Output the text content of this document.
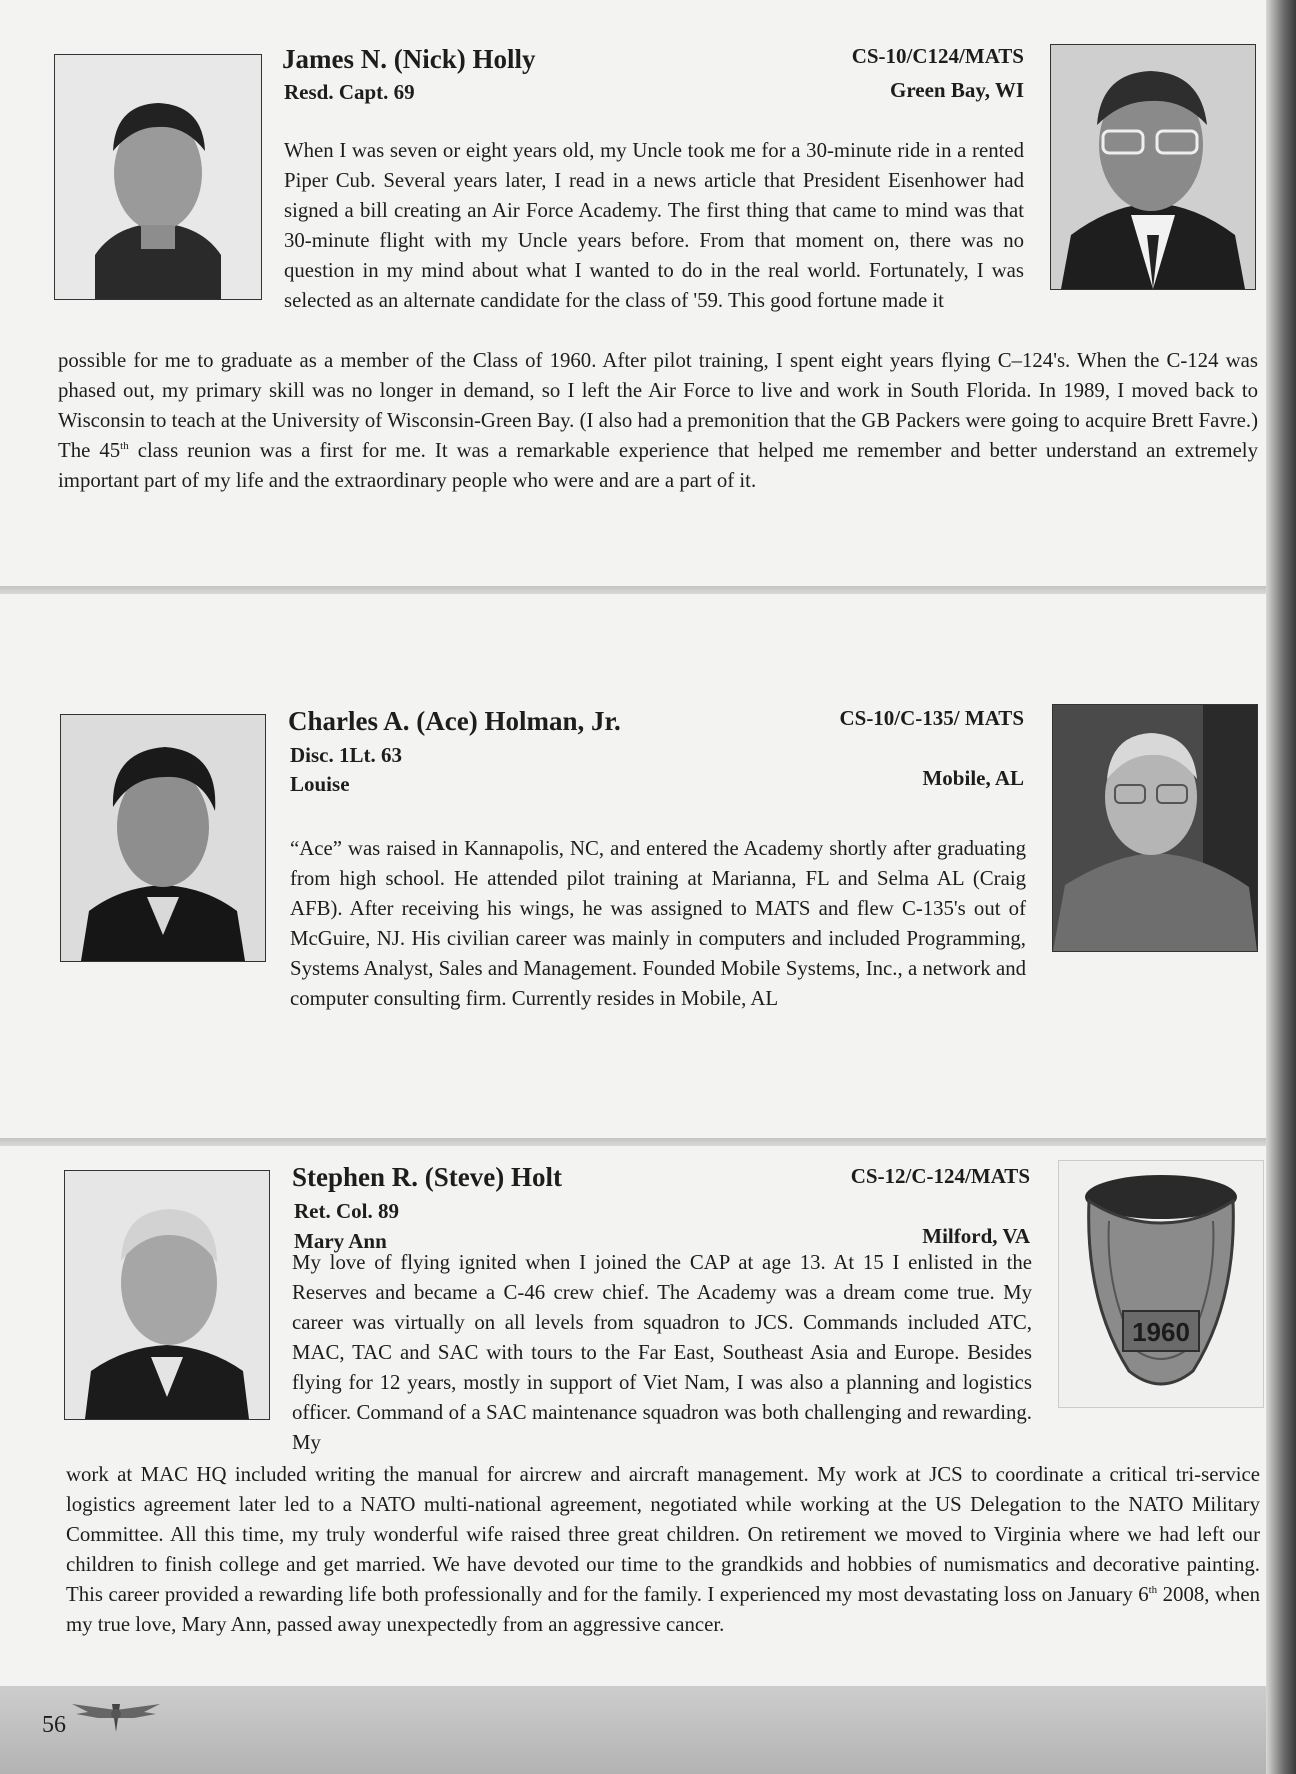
James N. (Nick) Holly
Resd. Capt. 69
CS-10/C124/MATS
Green Bay, WI
When I was seven or eight years old, my Uncle took me for a 30-minute ride in a rented Piper Cub. Several years later, I read in a news article that President Eisenhower had signed a bill creating an Air Force Academy. The first thing that came to mind was that 30-minute flight with my Uncle years before. From that moment on, there was no question in my mind about what I wanted to do in the real world. Fortunately, I was selected as an alternate candidate for the class of '59. This good fortune made it
possible for me to graduate as a member of the Class of 1960. After pilot training, I spent eight years flying C–124's. When the C-124 was phased out, my primary skill was no longer in demand, so I left the Air Force to live and work in South Florida. In 1989, I moved back to Wisconsin to teach at the University of Wisconsin-Green Bay. (I also had a premonition that the GB Packers were going to acquire Brett Favre.) The 45th class reunion was a first for me. It was a remarkable experience that helped me remember and better understand an extremely important part of my life and the extraordinary people who were and are a part of it.
Charles A. (Ace) Holman, Jr.
Disc. 1Lt. 63
Louise
CS-10/C-135/ MATS
Mobile, AL
“Ace” was raised in Kannapolis, NC, and entered the Academy shortly after graduating from high school. He attended pilot training at Marianna, FL and Selma AL (Craig AFB). After receiving his wings, he was assigned to MATS and flew C-135's out of McGuire, NJ. His civilian career was mainly in computers and included Programming, Systems Analyst, Sales and Management. Founded Mobile Systems, Inc., a network and computer consulting firm. Currently resides in Mobile, AL
Stephen R. (Steve) Holt
Ret. Col. 89
Mary Ann
CS-12/C-124/MATS
Milford, VA
1960
My love of flying ignited when I joined the CAP at age 13. At 15 I enlisted in the Reserves and became a C-46 crew chief. The Academy was a dream come true. My career was virtually on all levels from squadron to JCS. Commands included ATC, MAC, TAC and SAC with tours to the Far East, Southeast Asia and Europe. Besides flying for 12 years, mostly in support of Viet Nam, I was also a planning and logistics officer. Command of a SAC maintenance squadron was both challenging and rewarding. My
work at MAC HQ included writing the manual for aircrew and aircraft management. My work at JCS to coordinate a critical tri-service logistics agreement later led to a NATO multi-national agreement, negotiated while working at the US Delegation to the NATO Military Committee. All this time, my truly wonderful wife raised three great children. On retirement we moved to Virginia where we had left our children to finish college and get married. We have devoted our time to the grandkids and hobbies of numismatics and decorative painting. This career provided a rewarding life both professionally and for the family. I experienced my most devastating loss on January 6th 2008, when my true love, Mary Ann, passed away unexpectedly from an aggressive cancer.
56
